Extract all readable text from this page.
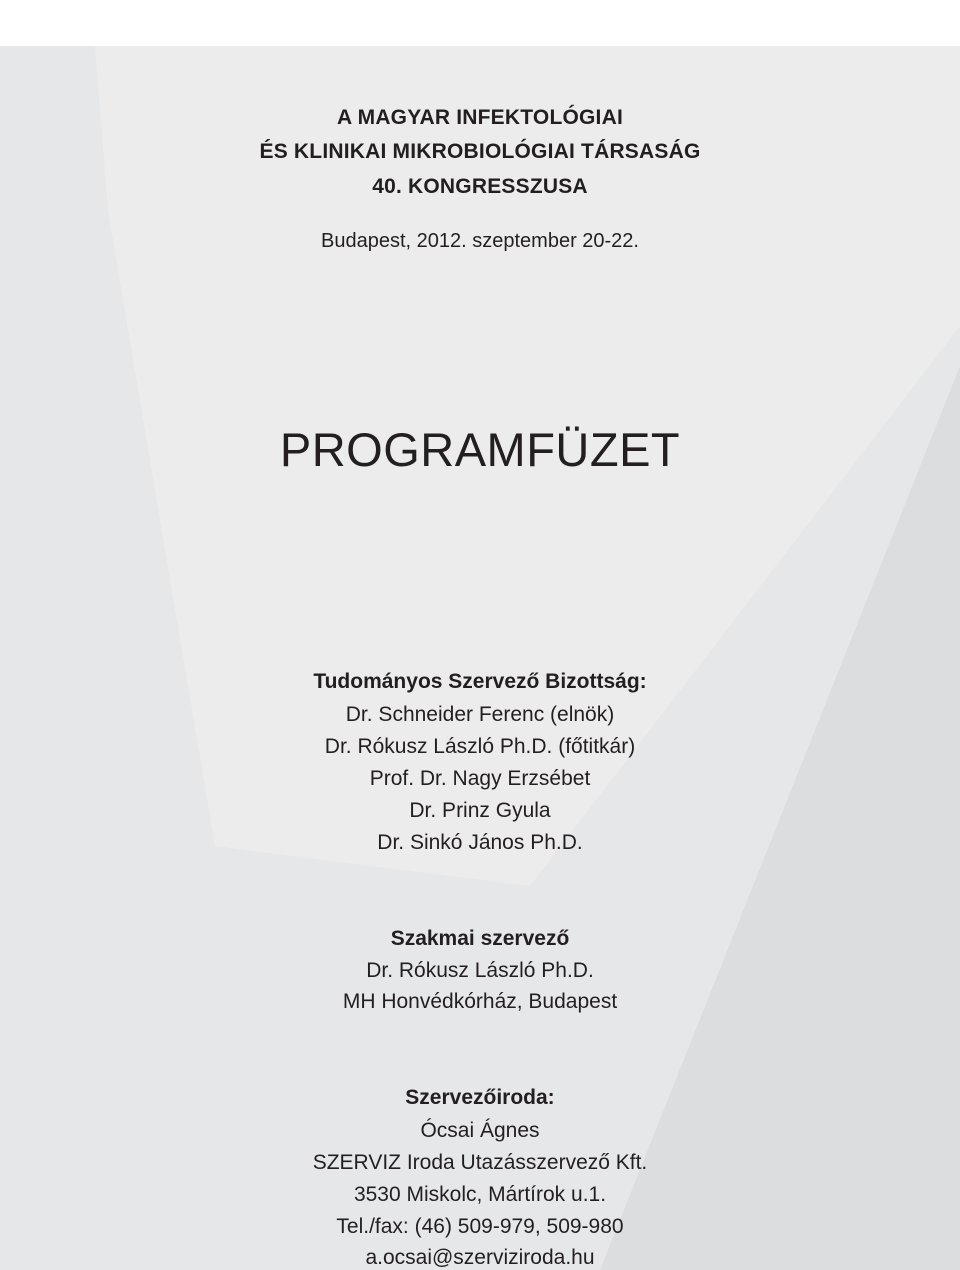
A MAGYAR INFEKTOLÓGIAI
ÉS KLINIKAI MIKROBIOLÓGIAI TÁRSASÁG
40. KONGRESSZUSA
Budapest, 2012. szeptember 20-22.
PROGRAMFÜZET
Tudományos Szervező Bizottság:
Dr. Schneider Ferenc (elnök)
Dr. Rókusz László Ph.D. (főtitkár)
Prof. Dr. Nagy Erzsébet
Dr. Prinz Gyula
Dr. Sinkó János Ph.D.
Szakmai szervező
Dr. Rókusz László Ph.D.
MH Honvédkórház, Budapest
Szervezőiroda:
Ócsai Ágnes
SZERVIZ Iroda Utazásszervező Kft.
3530 Miskolc, Mártírok u.1.
Tel./fax: (46) 509-979, 509-980
a.ocsai@szerviziroda.hu
